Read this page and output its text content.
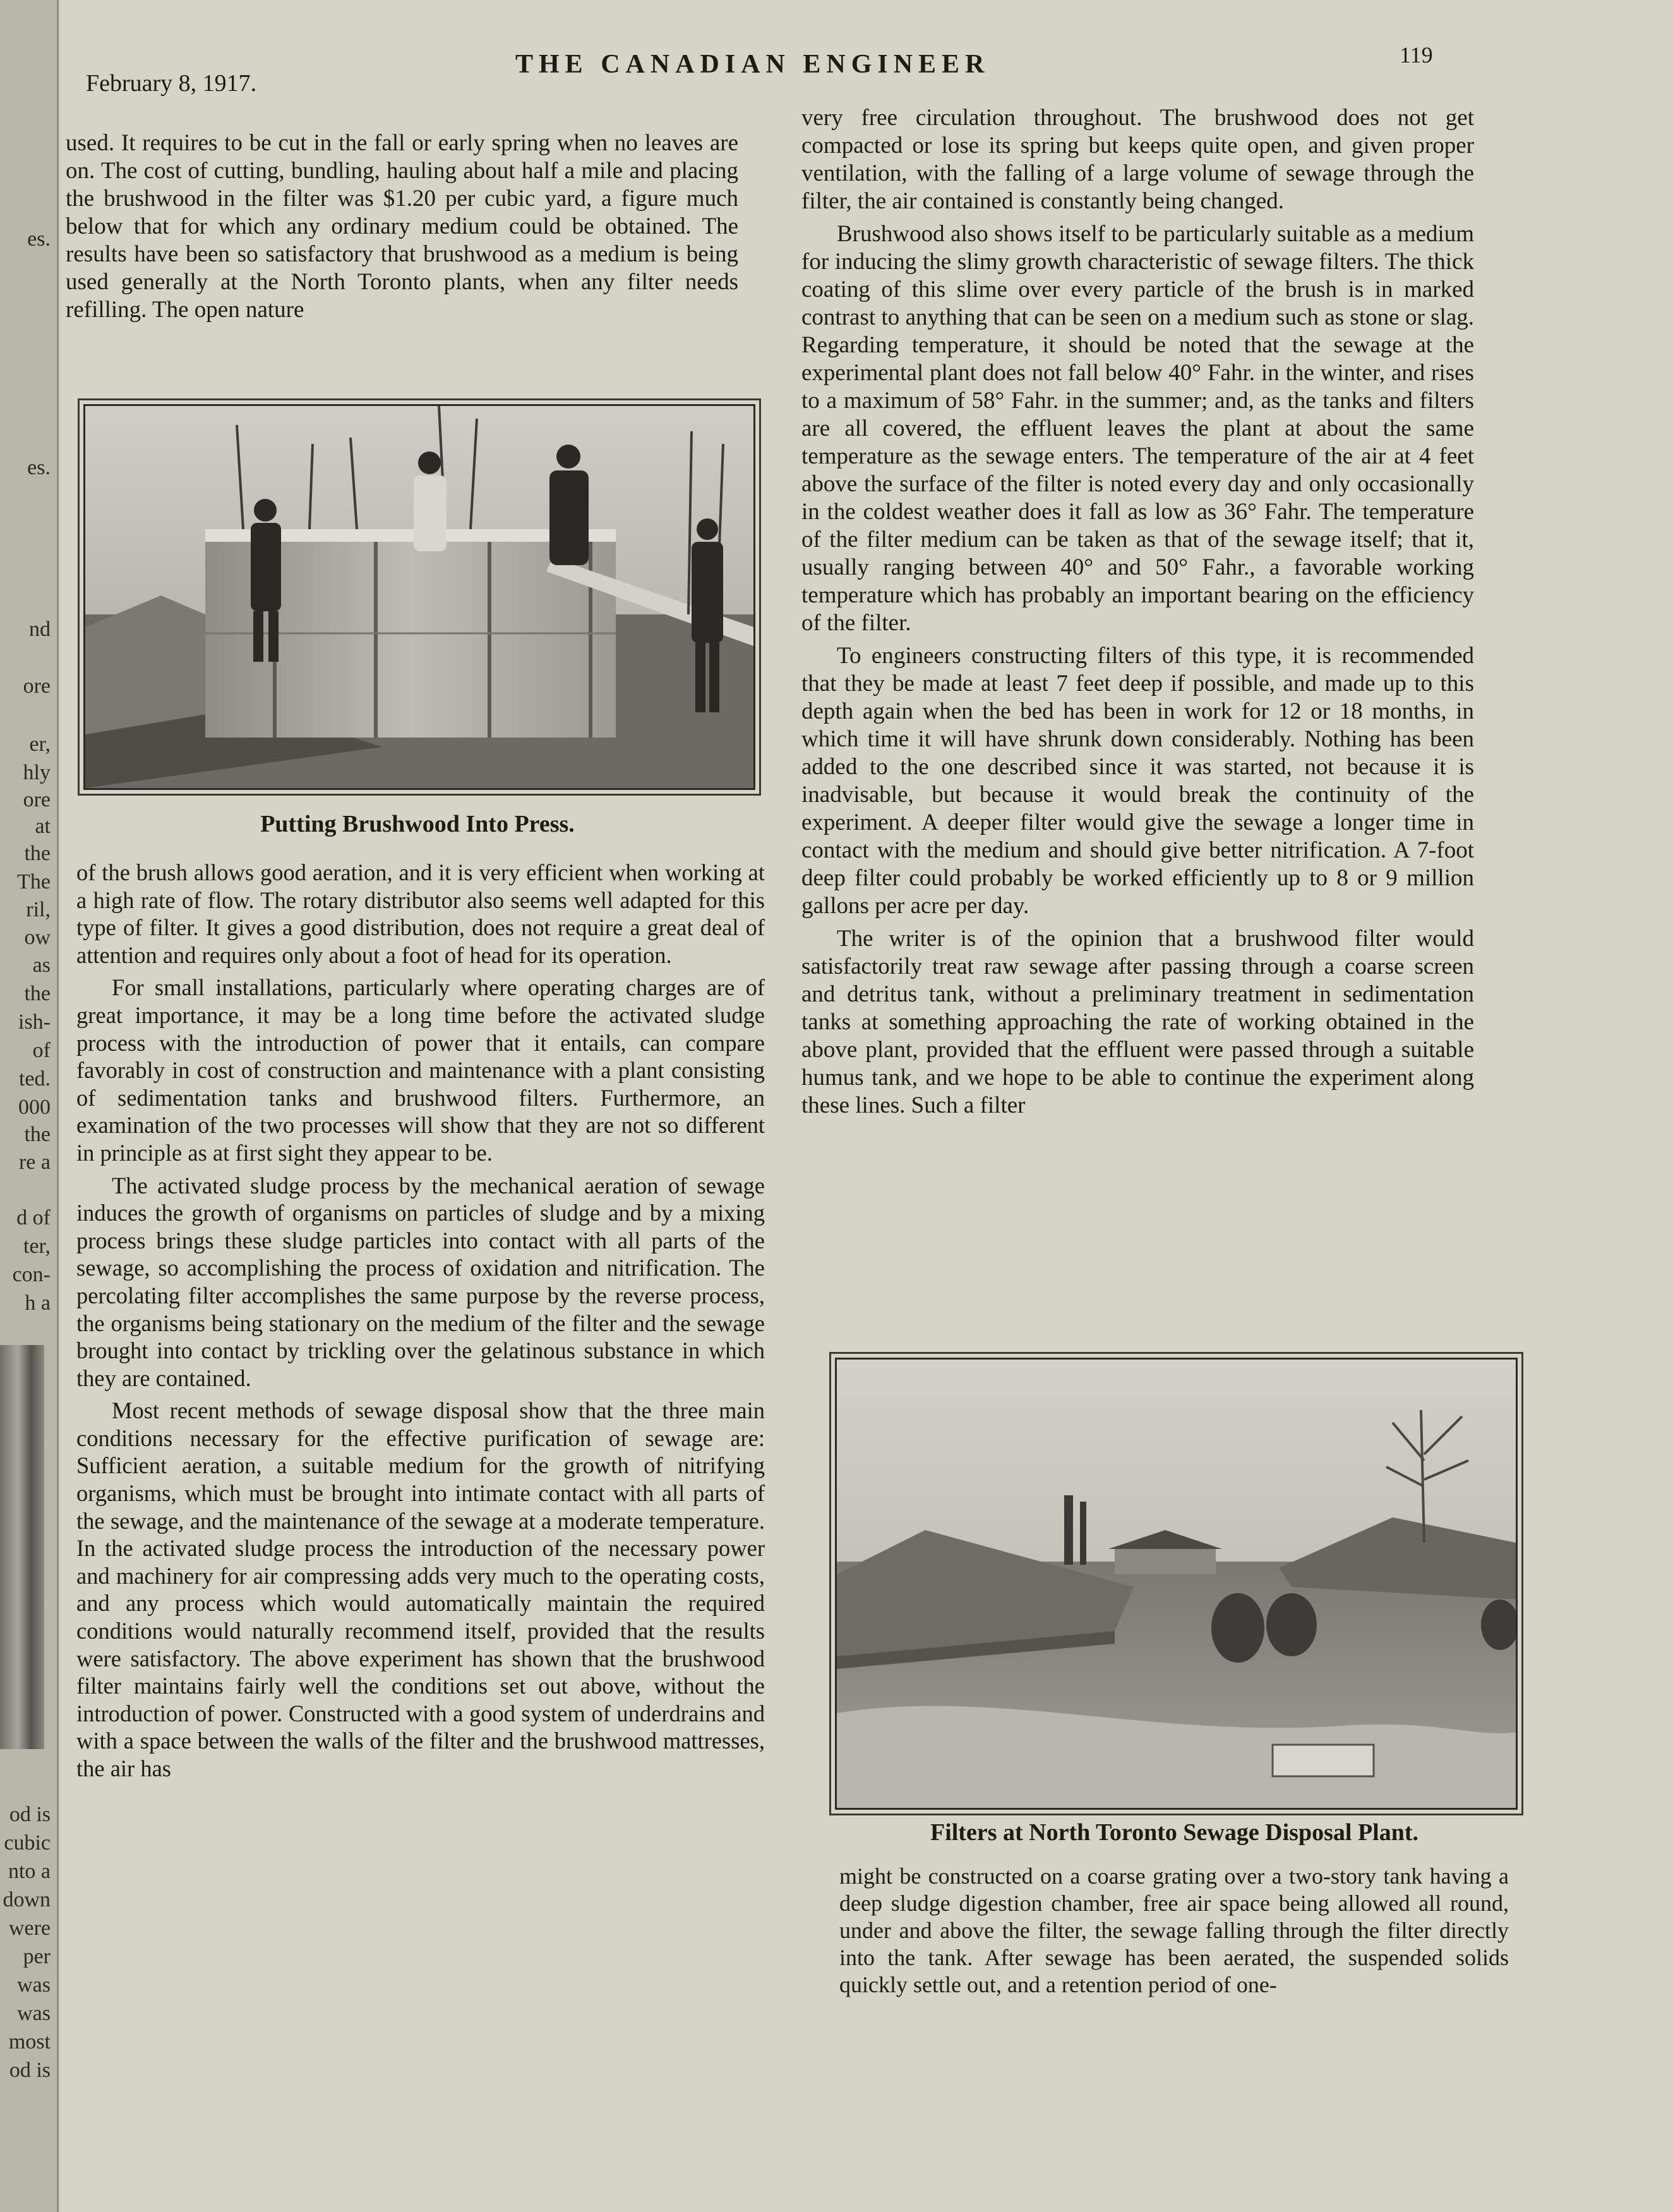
es.
es.
nd
ore
er,
hly
ore
at
the
The
ril,
ow
as
the
ish-
of
ted.
000
the
re a
d of
ter,
con-
h a
od is
cubic
nto a
down
were
per
was
was
most
od is
February 8, 1917.
THE CANADIAN ENGINEER	119

used. It requires to be cut in the fall or early spring when no leaves are on. The cost of cutting, bundling, hauling about half a mile and placing the brushwood in the filter was $1.20 per cubic yard, a figure much below that for which any ordinary medium could be obtained. The results have been so satisfactory that brushwood as a medium is being used generally at the North Toronto plants, when any filter needs refilling. The open nature

Putting Brushwood Into Press.

of the brush allows good aeration, and it is very efficient when working at a high rate of flow. The rotary distributor also seems well adapted for this type of filter. It gives a good distribution, does not require a great deal of attention and requires only about a foot of head for its operation.

For small installations, particularly where operating charges are of great importance, it may be a long time before the activated sludge process with the introduction of power that it entails, can compare favorably in cost of construction and maintenance with a plant consisting of sedimentation tanks and brushwood filters. Furthermore, an examination of the two processes will show that they are not so different in principle as at first sight they appear to be.

The activated sludge process by the mechanical aeration of sewage induces the growth of organisms on particles of sludge and by a mixing process brings these sludge particles into contact with all parts of the sewage, so accomplishing the process of oxidation and nitrification. The percolating filter accomplishes the same purpose by the reverse process, the organisms being stationary on the medium of the filter and the sewage brought into contact by trickling over the gelatinous substance in which they are contained.

Most recent methods of sewage disposal show that the three main conditions necessary for the effective purification of sewage are: Sufficient aeration, a suitable medium for the growth of nitrifying organisms, which must be brought into intimate contact with all parts of the sewage, and the maintenance of the sewage at a moderate temperature. In the activated sludge process the introduction of the necessary power and machinery for air compressing adds very much to the operating costs, and any process which would automatically maintain the required conditions would naturally recommend itself, provided that the results were satisfactory. The above experiment has shown that the brushwood filter maintains fairly well the conditions set out above, without the introduction of power. Constructed with a good system of underdrains and with a space between the walls of the filter and the brushwood mattresses, the air has

very free circulation throughout. The brushwood does not get compacted or lose its spring but keeps quite open, and given proper ventilation, with the falling of a large volume of sewage through the filter, the air contained is constantly being changed.

Brushwood also shows itself to be particularly suitable as a medium for inducing the slimy growth characteristic of sewage filters. The thick coating of this slime over every particle of the brush is in marked contrast to anything that can be seen on a medium such as stone or slag. Regarding temperature, it should be noted that the sewage at the experimental plant does not fall below 40° Fahr. in the winter, and rises to a maximum of 58° Fahr. in the summer; and, as the tanks and filters are all covered, the effluent leaves the plant at about the same temperature as the sewage enters. The temperature of the air at 4 feet above the surface of the filter is noted every day and only occasionally in the coldest weather does it fall as low as 36° Fahr. The temperature of the filter medium can be taken as that of the sewage itself; that it, usually ranging between 40° and 50° Fahr., a favorable working temperature which has probably an important bearing on the efficiency of the filter.

To engineers constructing filters of this type, it is recommended that they be made at least 7 feet deep if possible, and made up to this depth again when the bed has been in work for 12 or 18 months, in which time it will have shrunk down considerably. Nothing has been added to the one described since it was started, not because it is inadvisable, but because it would break the continuity of the experiment. A deeper filter would give the sewage a longer time in contact with the medium and should give better nitrification. A 7-foot deep filter could probably be worked efficiently up to 8 or 9 million gallons per acre per day.

The writer is of the opinion that a brushwood filter would satisfactorily treat raw sewage after passing through a coarse screen and detritus tank, without a preliminary treatment in sedimentation tanks at something approaching the rate of working obtained in the above plant, provided that the effluent were passed through a suitable humus tank, and we hope to be able to continue the experiment along these lines. Such a filter

Filters at North Toronto Sewage Disposal Plant.

might be constructed on a coarse grating over a two-story tank having a deep sludge digestion chamber, free air space being allowed all round, under and above the filter, the sewage falling through the filter directly into the tank. After sewage has been aerated, the suspended solids quickly settle out, and a retention period of one-
